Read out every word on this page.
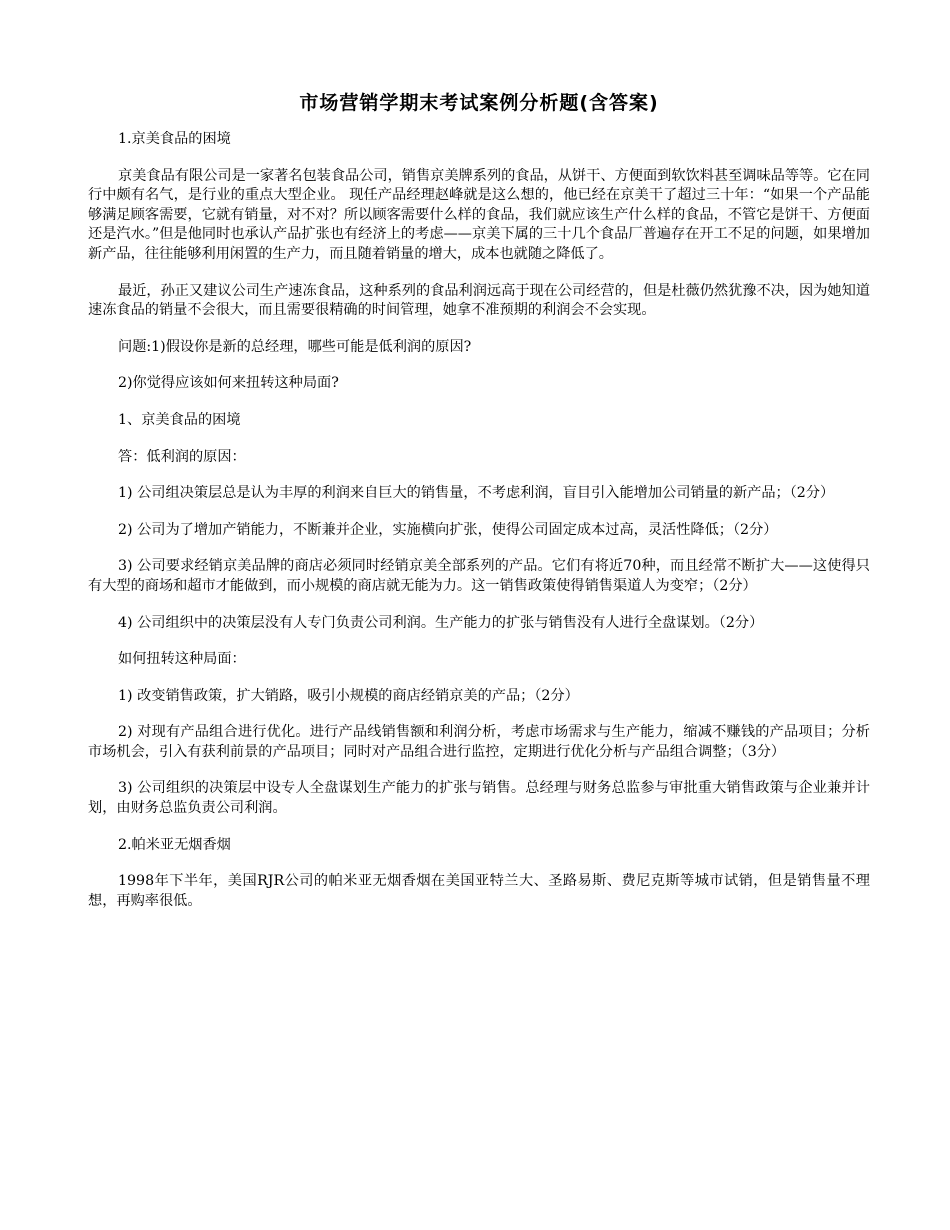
市场营销学期末考试案例分析题(含答案)

1.京美食品的困境

京美食品有限公司是一家著名包装食品公司，销售京美牌系列的食品，从饼干、方便面到软饮料甚至调味品等等。它在同行中颇有名气，是行业的重点大型企业。 现任产品经理赵峰就是这么想的，他已经在京美干了超过三十年：“如果一个产品能够满足顾客需要，它就有销量，对不对？所以顾客需要什么样的食品，我们就应该生产什么样的食品，不管它是饼干、方便面还是汽水。”但是他同时也承认产品扩张也有经济上的考虑——京美下属的三十几个食品厂普遍存在开工不足的问题，如果增加新产品，往往能够利用闲置的生产力，而且随着销量的增大，成本也就随之降低了。

最近，孙正又建议公司生产速冻食品，这种系列的食品利润远高于现在公司经营的，但是杜薇仍然犹豫不决，因为她知道速冻食品的销量不会很大，而且需要很精确的时间管理，她拿不准预期的利润会不会实现。

问题:1)假设你是新的总经理，哪些可能是低利润的原因?

2)你觉得应该如何来扭转这种局面?

1、京美食品的困境

答：低利润的原因：

1) 公司组决策层总是认为丰厚的利润来自巨大的销售量，不考虑利润，盲目引入能增加公司销量的新产品；（2分）

2) 公司为了增加产销能力，不断兼并企业，实施横向扩张，使得公司固定成本过高，灵活性降低；（2分）

3) 公司要求经销京美品牌的商店必须同时经销京美全部系列的产品。它们有将近70种，而且经常不断扩大——这使得只有大型的商场和超市才能做到，而小规模的商店就无能为力。这一销售政策使得销售渠道人为变窄；（2分）

4) 公司组织中的决策层没有人专门负责公司利润。生产能力的扩张与销售没有人进行全盘谋划。（2分）

如何扭转这种局面：

1) 改变销售政策，扩大销路，吸引小规模的商店经销京美的产品；（2分）

2) 对现有产品组合进行优化。进行产品线销售额和利润分析，考虑市场需求与生产能力，缩减不赚钱的产品项目；分析市场机会，引入有获利前景的产品项目；同时对产品组合进行监控，定期进行优化分析与产品组合调整；（3分）

3) 公司组织的决策层中设专人全盘谋划生产能力的扩张与销售。总经理与财务总监参与审批重大销售政策与企业兼并计划，由财务总监负责公司利润。

2.帕米亚无烟香烟

1998年下半年，美国RJR公司的帕米亚无烟香烟在美国亚特兰大、圣路易斯、费尼克斯等城市试销，但是销售量不理想，再购率很低。
